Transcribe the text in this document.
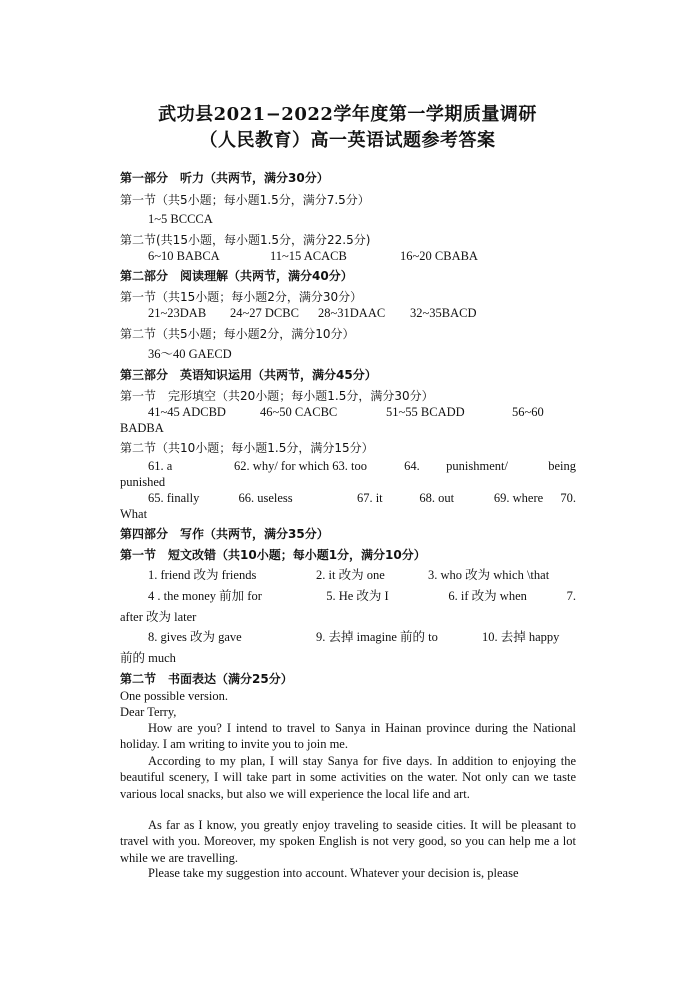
武功县2021−2022学年度第一学期质量调研
（人民教育）高一英语试题参考答案
第一部分　听力（共两节，满分30分）
第一节（共5小题；每小题1.5分，满分7.5分）
1~5 BCCCA
第二节(共15小题，每小题1.5分，满分22.5分)
6~10 BABCA	11~15 ACACB	16~20 CBABA
第二部分　阅读理解（共两节，满分40分）
第一节（共15小题；每小题2分，满分30分）
21~23DAB 24~27 DCBC 28~31DAAC 32~35BACD
第二节（共5小题；每小题2分，满分10分）
36～40 GAECD
第三部分　英语知识运用（共两节，满分45分）
第一节　完形填空（共20小题；每小题1.5分，满分30分）
41~45 ADCBD	46~50 CACBC	51~55 BCADD	56~60
BADBA
第二节（共10小题；每小题1.5分，满分15分）
61. a	62. why/ for which 63. too	64.	punishment/	being
punished
65. finally	66. useless	67. it	68. out	69. where	70.
What
第四部分　写作（共两节，满分35分）
第一节　短文改错（共10小题；每小题1分，满分10分）
1. friend 改为 friends	2. it 改为 one	3. who 改为 which \that
4 . the money 前加 for	5. He 改为 I	6. if 改为 when	7.
after 改为 later
8. gives 改为 gave	9. 去掉 imagine 前的 to	10. 去掉 happy
前的 much
第二节　书面表达（满分25分）
One possible version.
Dear Terry,
How are you? I intend to travel to Sanya in Hainan province during the National holiday. I am writing to invite you to join me.
According to my plan, I will stay Sanya for five days. In addition to enjoying the beautiful scenery, I will take part in some activities on the water. Not only can we taste various local snacks, but also we will experience the local life and art.
As far as I know, you greatly enjoy traveling to seaside cities. It will be pleasant to travel with you. Moreover, my spoken English is not very good, so you can help me a lot while we are travelling.
Please take my suggestion into account. Whatever your decision is, please
